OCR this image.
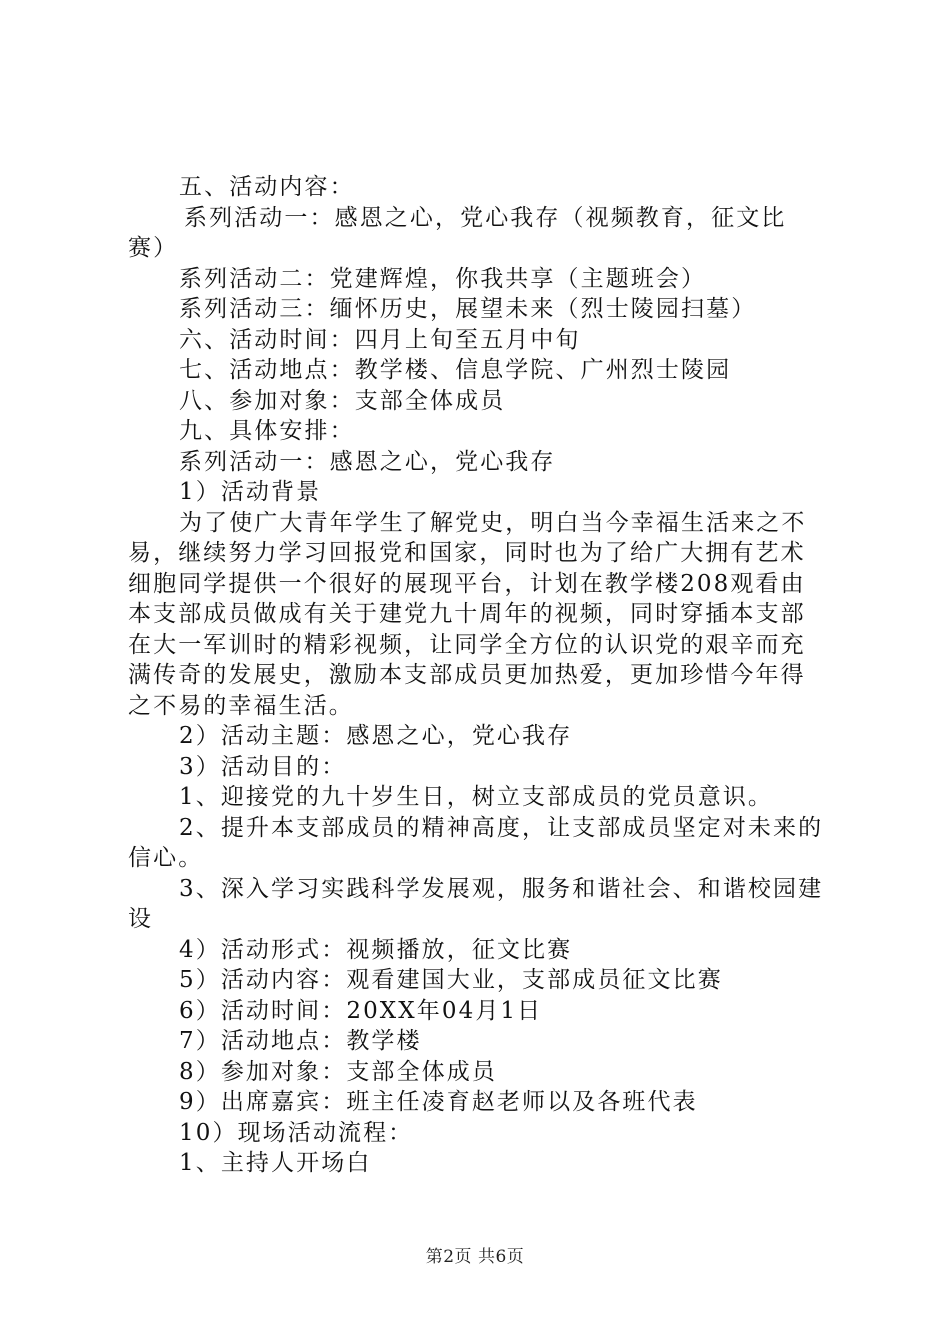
五、活动内容：
系列活动一：感恩之心，党心我存（视频教育，征文比
赛）
系列活动二：党建辉煌，你我共享（主题班会）
系列活动三：缅怀历史，展望未来（烈士陵园扫墓）
六、活动时间：四月上旬至五月中旬
七、活动地点：教学楼、信息学院、广州烈士陵园
八、参加对象：支部全体成员
九、具体安排：
系列活动一：感恩之心，党心我存
1）活动背景
为了使广大青年学生了解党史，明白当今幸福生活来之不
易，继续努力学习回报党和国家，同时也为了给广大拥有艺术
细胞同学提供一个很好的展现平台，计划在教学楼208观看由
本支部成员做成有关于建党九十周年的视频，同时穿插本支部
在大一军训时的精彩视频，让同学全方位的认识党的艰辛而充
满传奇的发展史，激励本支部成员更加热爱，更加珍惜今年得
之不易的幸福生活。
2）活动主题：感恩之心，党心我存
3）活动目的：
1、迎接党的九十岁生日，树立支部成员的党员意识。
2、提升本支部成员的精神高度，让支部成员坚定对未来的
信心。
3、深入学习实践科学发展观，服务和谐社会、和谐校园建
设
4）活动形式：视频播放，征文比赛
5）活动内容：观看建国大业，支部成员征文比赛
6）活动时间：20XX年04月1日
7）活动地点：教学楼
8）参加对象：支部全体成员
9）出席嘉宾：班主任凌育赵老师以及各班代表
10）现场活动流程：
1、主持人开场白
第2页 共6页
